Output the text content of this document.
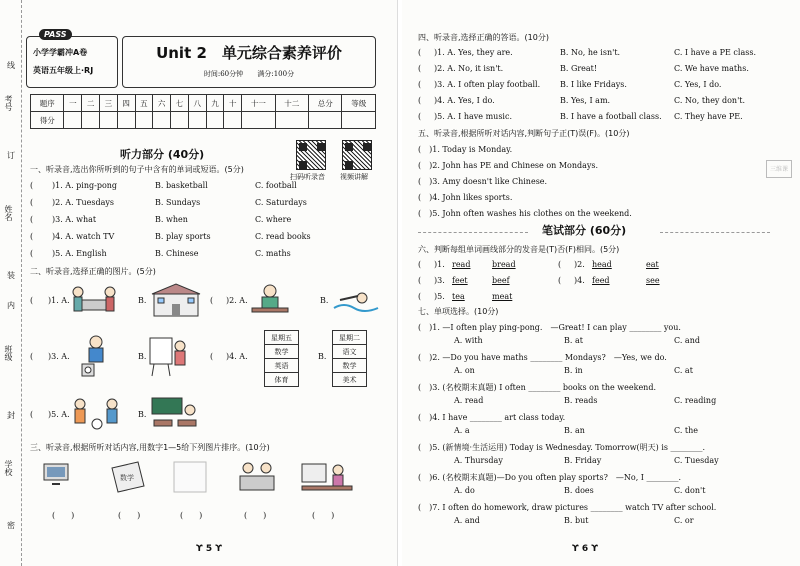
线
考号
订
姓名
装
内
班级
封
学校
密
PASS
小学学霸冲A卷
英语五年级上·RJ
Unit 2　单元综合素养评价
时间:60分钟 满分:100分
题序	一	二	三	四	五	六	七	八	九	十	十一	十二	总分	等级
得分														
听力部分 (40分)
扫码听录音 视频讲解
一、听录音,选出你所听到的句子中含有的单词或短语。(5分)
( )1. A. ping-pong	B. basketball	C. football
( )2. A. Tuesdays	B. Sundays	C. Saturdays
( )3. A. what	B. when	C. where
( )4. A. watch TV	B. play sports	C. read books
( )5. A. English	B. Chinese	C. maths
二、听录音,选择正确的图片。(5分)
( )1. A.	B.	( )2. A.	B.
( )3. A.	B.	( )4. A.
星期五
数学
英语
体育
B.
星期二
语文
数学
美术
( )5. A.	B.
三、听录音,根据所听对话内容,用数字1—5给下列图片排序。(10分)
数学
(　　)	(　　)	(　　)	(　　)	(　　)
ϒ 5 ϒ
四、听录音,选择正确的答语。(10分)
( )1. A. Yes, they are.	B. No, he isn't.	C. I have a PE class.
( )2. A. No, it isn't.	B. Great!	C. We have maths.
( )3. A. I often play football. B. I like Fridays.	C. Yes, I do.
( )4. A. Yes, I do.	B. Yes, I am.	C. No, they don't.
( )5. A. I have music.	B. I have a football class. C. They have PE.
五、听录音,根据所听对话内容,判断句子正(T)误(F)。(10分)
(　)1. Today is Monday.
(　)2. John has PE and Chinese on Mondays.
(　)3. Amy doesn't like Chinese.
(　)4. John likes sports.
(　)5. John often washes his clothes on the weekend.
笔试部分 (60分)
六、判断每组单词画线部分的发音是(T)否(F)相同。(5分)
( )1. read	bread	( )2. head	eat
( )3. feet	beef	( )4. feed	see
( )5. tea	meat
七、单项选择。(10分)
(　)1. —I often play ping-pong.　—Great! I can play ________ you.
A. with	B. at	C. and
(　)2. —Do you have maths ________ Mondays?　—Yes, we do.
A. on	B. in	C. at
(　)3. (名校期末真题) I often ________ books on the weekend.
A. read	B. reads	C. reading
(　)4. I have ________ art class today.
A. a	B. an	C. the
(　)5. (新情境·生活运用) Today is Wednesday. Tomorrow(明天) is ________.
A. Thursday	B. Friday	C. Tuesday
(　)6. (名校期末真题)—Do you often play sports?　—No, I ________.
A. do	B. does	C. don't
(　)7. I often do homework, draw pictures ________ watch TV after school.
A. and	B. but	C. or
三维课
ϒ 6 ϒ
